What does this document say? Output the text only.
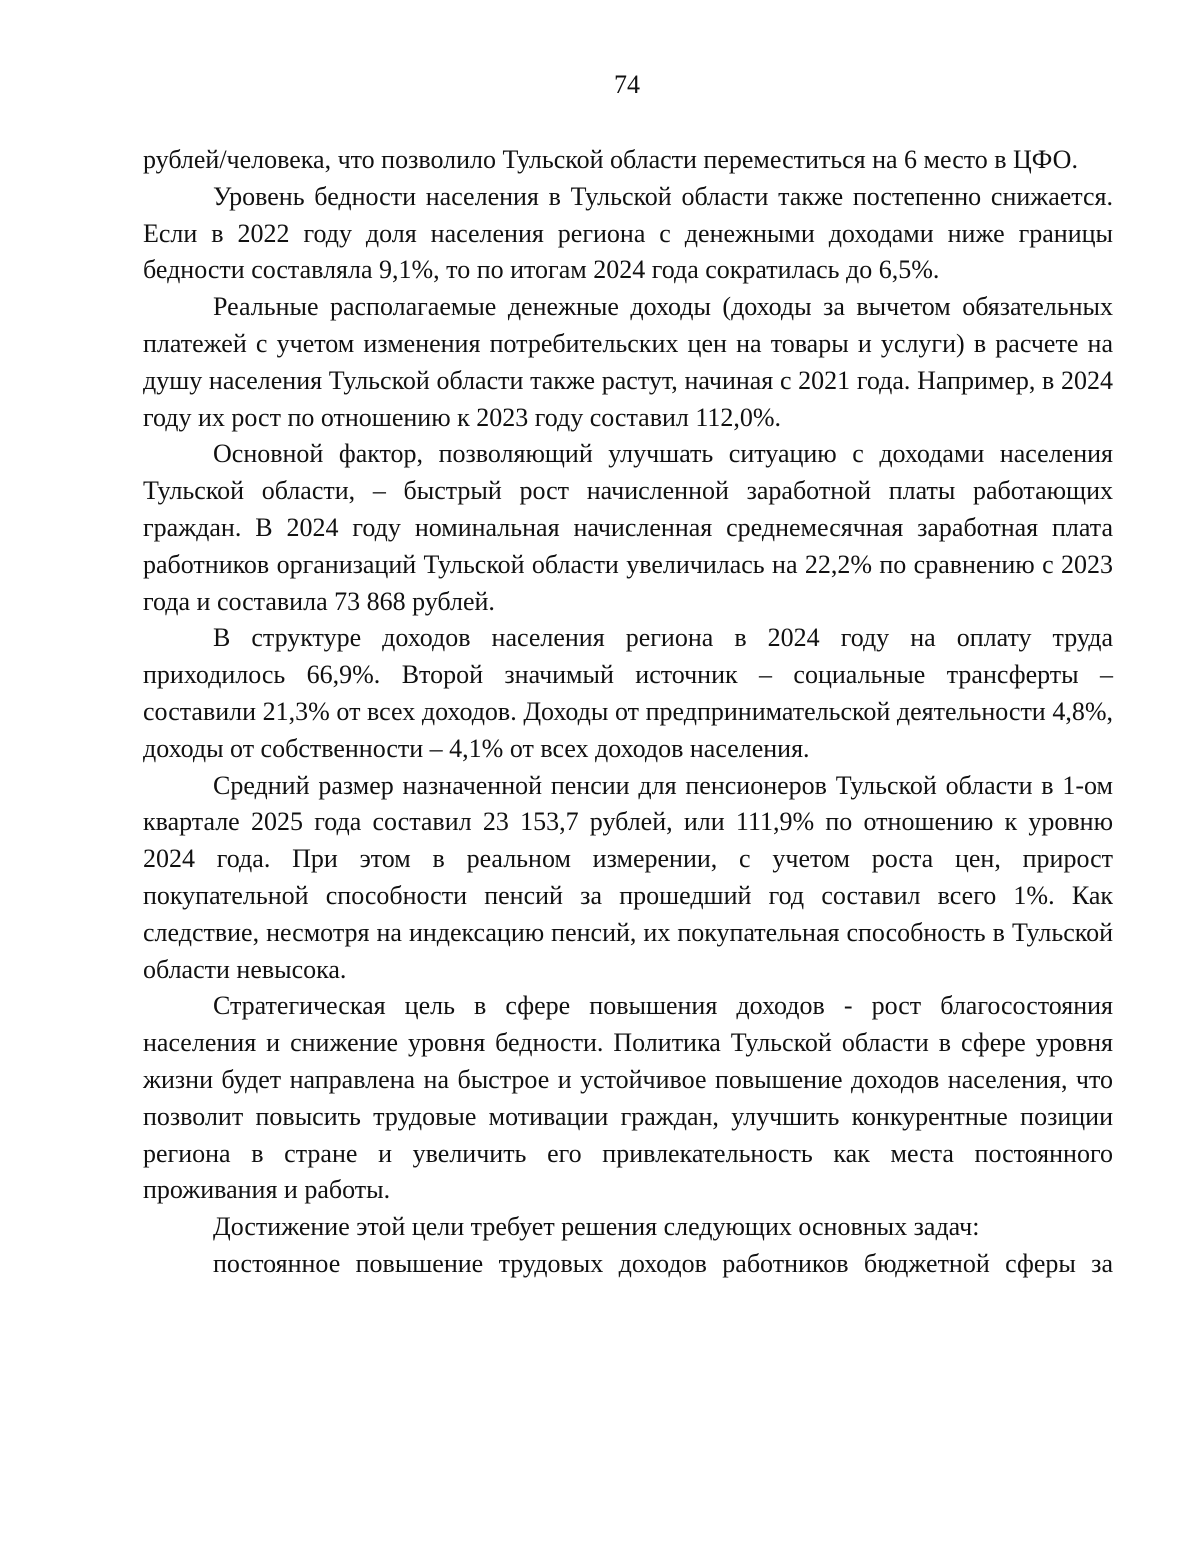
74

рублей/человека, что позволило Тульской области переместиться на 6 место в ЦФО.

Уровень бедности населения в Тульской области также постепенно снижается. Если в 2022 году доля населения региона с денежными доходами ниже границы бедности составляла 9,1%, то по итогам 2024 года сократилась до 6,5%.

Реальные располагаемые денежные доходы (доходы за вычетом обязательных платежей с учетом изменения потребительских цен на товары и услуги) в расчете на душу населения Тульской области также растут, начиная с 2021 года. Например, в 2024 году их рост по отношению к 2023 году составил 112,0%.

Основной фактор, позволяющий улучшать ситуацию с доходами населения Тульской области, – быстрый рост начисленной заработной платы работающих граждан. В 2024 году номинальная начисленная среднемесячная заработная плата работников организаций Тульской области увеличилась на 22,2% по сравнению с 2023 года и составила 73 868 рублей.

В структуре доходов населения региона в 2024 году на оплату труда приходилось 66,9%. Второй значимый источник – социальные трансферты – составили 21,3% от всех доходов. Доходы от предпринимательской деятельности 4,8%, доходы от собственности – 4,1% от всех доходов населения.

Средний размер назначенной пенсии для пенсионеров Тульской области в 1-ом квартале 2025 года составил 23 153,7 рублей, или 111,9% по отношению к уровню 2024 года. При этом в реальном измерении, с учетом роста цен, прирост покупательной способности пенсий за прошедший год составил всего 1%. Как следствие, несмотря на индексацию пенсий, их покупательная способность в Тульской области невысока.

Стратегическая цель в сфере повышения доходов - рост благосостояния населения и снижение уровня бедности. Политика Тульской области в сфере уровня жизни будет направлена на быстрое и устойчивое повышение доходов населения, что позволит повысить трудовые мотивации граждан, улучшить конкурентные позиции региона в стране и увеличить его привлекательность как места постоянного проживания и работы.

Достижение этой цели требует решения следующих основных задач:

постоянное повышение трудовых доходов работников бюджетной сферы за
